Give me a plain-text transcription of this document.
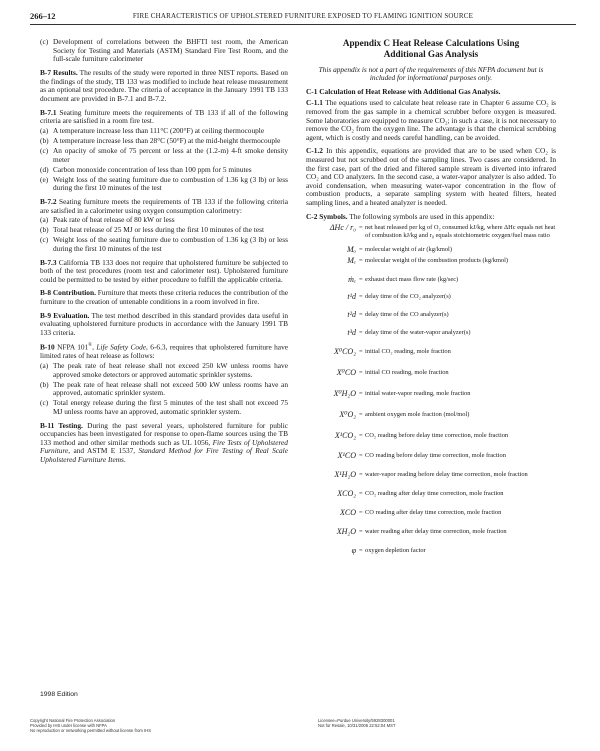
266–12	FIRE CHARACTERISTICS OF UPHOLSTERED FURNITURE EXPOSED TO FLAMING IGNITION SOURCE
(c) Development of correlations between the BHFTI test room, the American Society for Testing and Materials (ASTM) Standard Fire Test Room, and the full-scale furniture calorimeter

B-7 Results. The results of the study were reported in three NIST reports. Based on the findings of the study, TB 133 was modified to include heat release measurement as an optional test procedure. The criteria of acceptance in the January 1991 TB 133 document are provided in B-7.1 and B-7.2.

B-7.1 Seating furniture meets the requirements of TB 133 if all of the following criteria are satisfied in a room fire test.

(a) A temperature increase less than 111°C (200°F) at ceiling thermocouple
(b) A temperature increase less than 28°C (50°F) at the mid-height thermocouple
(c) An opacity of smoke of 75 percent or less at the (1.2-m) 4-ft smoke density meter
(d) Carbon monoxide concentration of less than 100 ppm for 5 minutes
(e) Weight loss of the seating furniture due to combustion of 1.36 kg (3 lb) or less during the first 10 minutes of the test

B-7.2 Seating furniture meets the requirements of TB 133 if the following criteria are satisfied in a calorimeter using oxygen consumption calorimetry:

(a) Peak rate of heat release of 80 kW or less
(b) Total heat release of 25 MJ or less during the first 10 minutes of the test
(c) Weight loss of the seating furniture due to combustion of 1.36 kg (3 lb) or less during the first 10 minutes of the test

B-7.3 California TB 133 does not require that upholstered furniture be subjected to both of the test procedures (room test and calorimeter test). Upholstered furniture could be permitted to be tested by either procedure to fulfill the applicable criteria.

B-8 Contribution. Furniture that meets these criteria reduces the contribution of the furniture to the creation of untenable conditions in a room involved in fire.

B-9 Evaluation. The test method described in this standard provides data useful in evaluating upholstered furniture products in accordance with the January 1991 TB 133 criteria.

B-10 NFPA 101®, Life Safety Code, 6-6.3, requires that upholstered furniture have limited rates of heat release as follows:

(a) The peak rate of heat release shall not exceed 250 kW unless rooms have approved smoke detectors or approved automatic sprinkler systems.
(b) The peak rate of heat release shall not exceed 500 kW unless rooms have an approved, automatic sprinkler system.
(c) Total energy release during the first 5 minutes of the test shall not exceed 75 MJ unless rooms have an approved, automatic sprinkler system.

B-11 Testing. During the past several years, upholstered furniture for public occupancies has been investigated for response to open-flame sources using the TB 133 method and other similar methods such as UL 1056, Fire Tests of Upholstered Furniture, and ASTM E 1537, Standard Method for Fire Testing of Real Scale Upholstered Furniture Items.

Appendix C Heat Release Calculations Using
Additional Gas Analysis
This appendix is not a part of the requirements of this NFPA document but is included for informational purposes only.
C-1 Calculation of Heat Release with Additional Gas Analysis.

C-1.1 The equations used to calculate heat release rate in Chapter 6 assume CO₂ is removed from the gas sample in a chemical scrubber before oxygen is measured. Some laboratories are equipped to measure CO₂; in such a case, it is not necessary to remove the CO₂ from the oxygen line. The advantage is that the chemical scrubbing agent, which is costly and needs careful handling, can be avoided.

C-1.2 In this appendix, equations are provided that are to be used when CO₂ is measured but not scrubbed out of the sampling lines. Two cases are considered. In the first case, part of the dried and filtered sample stream is diverted into infrared CO₂ and CO analyzers. In the second case, a water-vapor analyzer is also added. To avoid condensation, when measuring water-vapor concentration in the flow of combustion products, a separate sampling system with heated filters, heated sampling lines, and a heated analyzer is needed.

C-2 Symbols. The following symbols are used in this appendix:

ΔHc / r₀ = net heat released per kg of O₂ consumed kJ/kg, where ΔHc equals net heat of combustion kJ/kg and r₀ equals stoichiometric oxygen/fuel mass ratio
Mₐ = molecular weight of air (kg/kmol)
Mₑ = molecular weight of the combustion products (kg/kmol)
ṁₑ = exhaust duct mass flow rate (kg/sec)
t¹d = delay time of the CO₂ analyzer(s)
t²d = delay time of the CO analyzer(s)
t³d = delay time of the water-vapor analyzer(s)
X⁰CO₂ = initial CO₂ reading, mole fraction
X⁰CO = initial CO reading, mole fraction
X⁰H₂O = initial water-vapor reading, mole fraction
X⁰O₂ = ambient oxygen mole fraction (mol/mol)
X¹CO₂ = CO₂ reading before delay time correction, mole fraction
X¹CO = CO reading before delay time correction, mole fraction
X¹H₂O = water-vapor reading before delay time correction, mole fraction
XCO₂ = CO₂ reading after delay time correction, mole fraction
XCO = CO reading after delay time correction, mole fraction
XH₂O = water reading after delay time correction, mole fraction
φ = oxygen depletion factor
1998 Edition
Copyright National Fire Protection Association
Provided by IHS under license with NFPA
No reproduction or networking permitted without license from IHS
Licensee=Purdue University/5928300001
Not for Resale, 10/31/2006 22:52:04 MST
